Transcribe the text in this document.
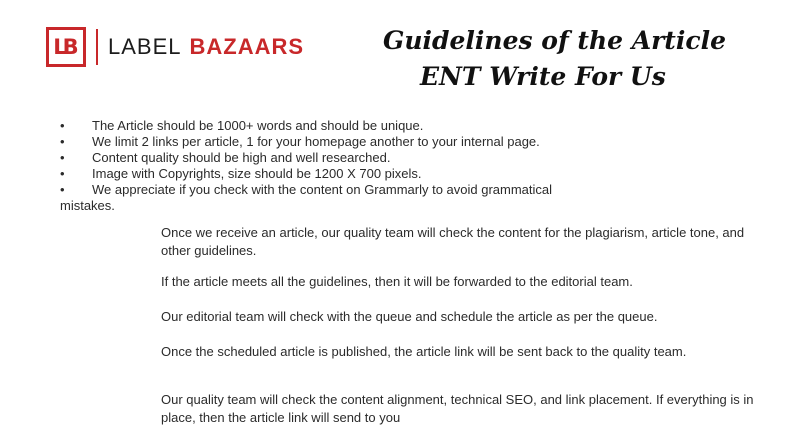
LB LABEL BAZAARS	Guidelines of the Article
ENT Write For Us
•	The Article should be 1000+ words and should be unique.
•	We limit 2 links per article, 1 for your homepage another to your internal page.
•	Content quality should be high and well researched.
•	Image with Copyrights, size should be 1200 X 700 pixels.
•	We appreciate if you check with the content on Grammarly to avoid grammatical
mistakes.
Once we receive an article, our quality team will check the content for the plagiarism, article tone, and other guidelines.
If the article meets all the guidelines, then it will be forwarded to the editorial team.
Our editorial team will check with the queue and schedule the article as per the queue.
Once the scheduled article is published, the article link will be sent back to the quality team.
Our quality team will check the content alignment, technical SEO, and link placement. If everything is in place, then the article link will send to you
